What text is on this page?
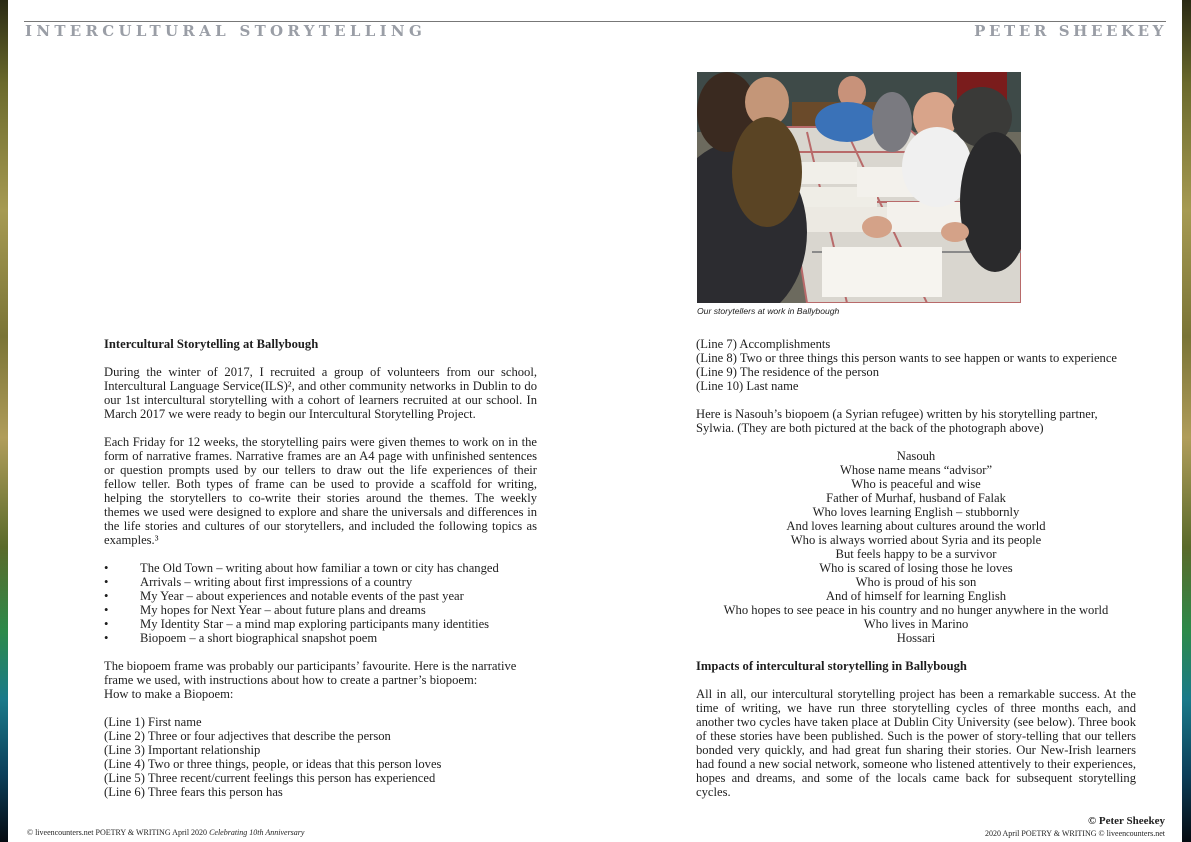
INTERCULTURAL STORYTELLING	PETER SHEEKEY
Intercultural Storytelling at Ballybough

During the winter of 2017, I recruited a group of volunteers from our school, Intercultural Language Service(ILS)², and other community networks in Dublin to do our 1st intercultural storytelling with a cohort of learners recruited at our school. In March 2017 we were ready to begin our Intercultural Storytelling Project.

Each Friday for 12 weeks, the storytelling pairs were given themes to work on in the form of narrative frames. Narrative frames are an A4 page with unfinished sentences or question prompts used by our tellers to draw out the life experiences of their fellow teller. Both types of frame can be used to provide a scaffold for writing, helping the storytellers to co-write their stories around the themes. The weekly themes we used were designed to explore and share the universals and differences in the life stories and cultures of our storytellers, and included the following topics as examples.³

•	The Old Town – writing about how familiar a town or city has changed
•	Arrivals – writing about first impressions of a country
•	My Year – about experiences and notable events of the past year
•	My hopes for Next Year – about future plans and dreams
•	My Identity Star – a mind map exploring participants many identities
•	Biopoem – a short biographical snapshot poem
The biopoem frame was probably our participants’ favourite. Here is the narrative
frame we used, with instructions about how to create a partner’s biopoem:
How to make a Biopoem:
(Line 1) First name
(Line 2) Three or four adjectives that describe the person
(Line 3) Important relationship
(Line 4) Two or three things, people, or ideas that this person loves
(Line 5) Three recent/current feelings this person has experienced
(Line 6) Three fears this person has
Our storytellers at work in Ballybough
(Line 7) Accomplishments
(Line 8) Two or three things this person wants to see happen or wants to experience
(Line 9) The residence of the person
(Line 10) Last name

Here is Nasouh’s biopoem (a Syrian refugee) written by his storytelling partner, Sylwia. (They are both pictured at the back of the photograph above)

Nasouh
Whose name means “advisor”
Who is peaceful and wise
Father of Murhaf, husband of Falak
Who loves learning English – stubbornly
And loves learning about cultures around the world
Who is always worried about Syria and its people
But feels happy to be a survivor
Who is scared of losing those he loves
Who is proud of his son
And of himself for learning English
Who hopes to see peace in his country and no hunger anywhere in the world
Who lives in Marino
Hossari
Impacts of intercultural storytelling in Ballybough

All in all, our intercultural storytelling project has been a remarkable success. At the time of writing, we have run three storytelling cycles of three months each, and another two cycles have taken place at Dublin City University (see below). Three book of these stories have been published. Such is the power of story-telling that our tellers bonded very quickly, and had great fun sharing their stories. Our New-Irish learners had found a new social network, someone who listened attentively to their experiences, hopes and dreams, and some of the locals came back for subsequent storytelling cycles.

© liveencounters.net POETRY & WRITING April 2020 Celebrating 10th Anniversary
© Peter Sheekey
2020 April POETRY & WRITING © liveencounters.net
